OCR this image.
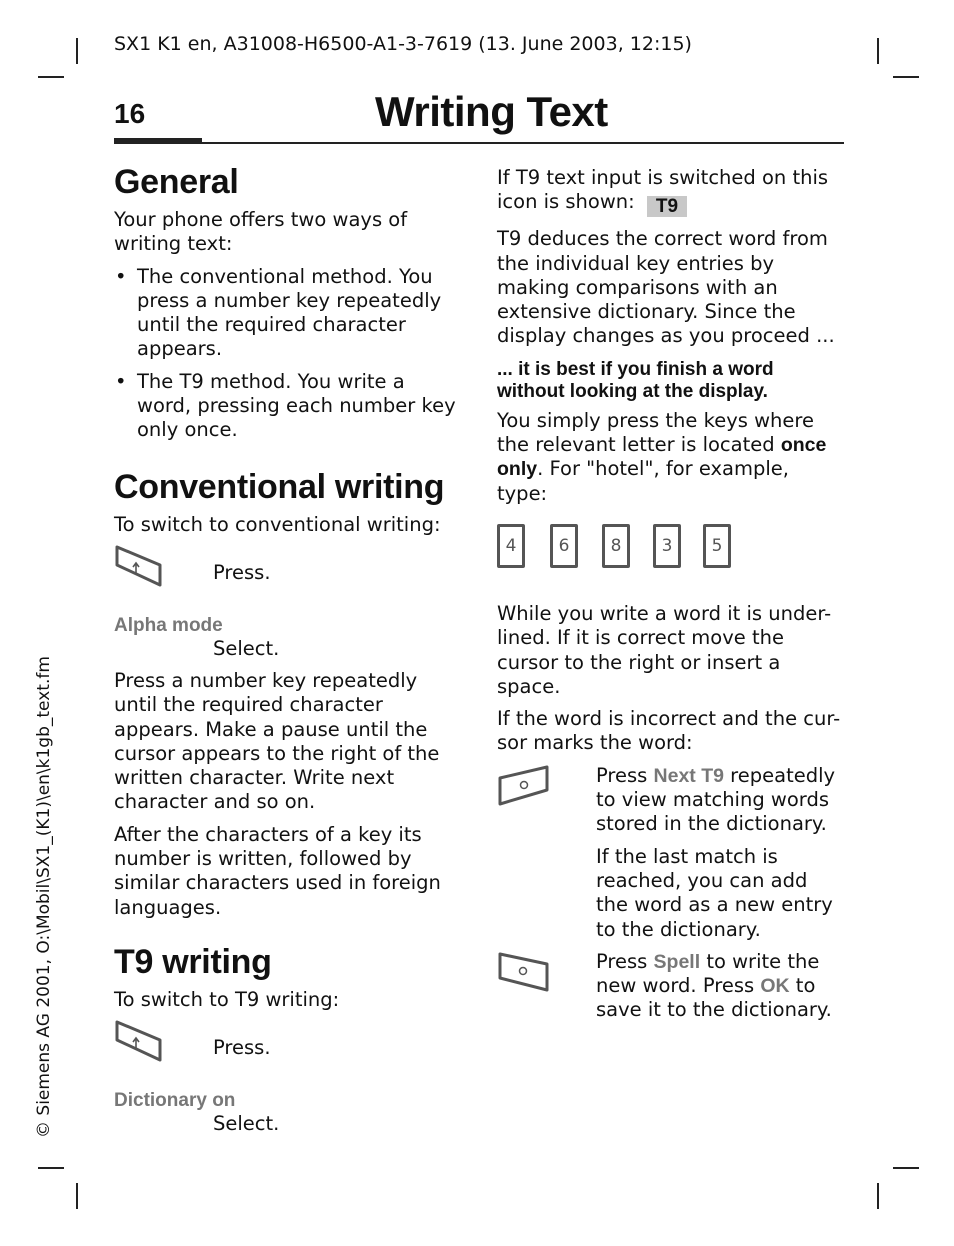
SX1 K1 en, A31008-H6500-A1-3-7619 (13. June 2003, 12:15)
16	Writing Text
General

Your phone offers two ways of writing text:

• The conventional method. You press a number key repeatedly until the required character appears.
• The T9 method. You write a word, pressing each number key only once.
Conventional writing

To switch to conventional writing:

Press.
Alpha mode
Select.

Press a number key repeatedly until the required character appears. Make a pause until the cursor appears to the right of the written character. Write next character and so on.

After the characters of a key its number is written, followed by similar characters used in foreign languages.

T9 writing

To switch to T9 writing:

Press.
Dictionary on
Select.

If T9 text input is switched on this icon is shown: T9

T9 deduces the correct word from the individual key entries by making comparisons with an extensive dictionary. Since the display changes as you proceed ...

... it is best if you finish a word without looking at the display.

You simply press the keys where the relevant letter is located once only. For "hotel", for example, type:

4	6	8	3	5

While you write a word it is under-lined. If it is correct move the cursor to the right or insert a space.

If the word is incorrect and the cur-sor marks the word:

Press Next T9 repeatedly to view matching words stored in the dictionary.

If the last match is reached, you can add the word as a new entry to the dictionary.

Press Spell to write the new word. Press OK to save it to the dictionary.

© Siemens AG 2001, O:\Mobil\SX1_(K1)\en\k1gb_text.fm
